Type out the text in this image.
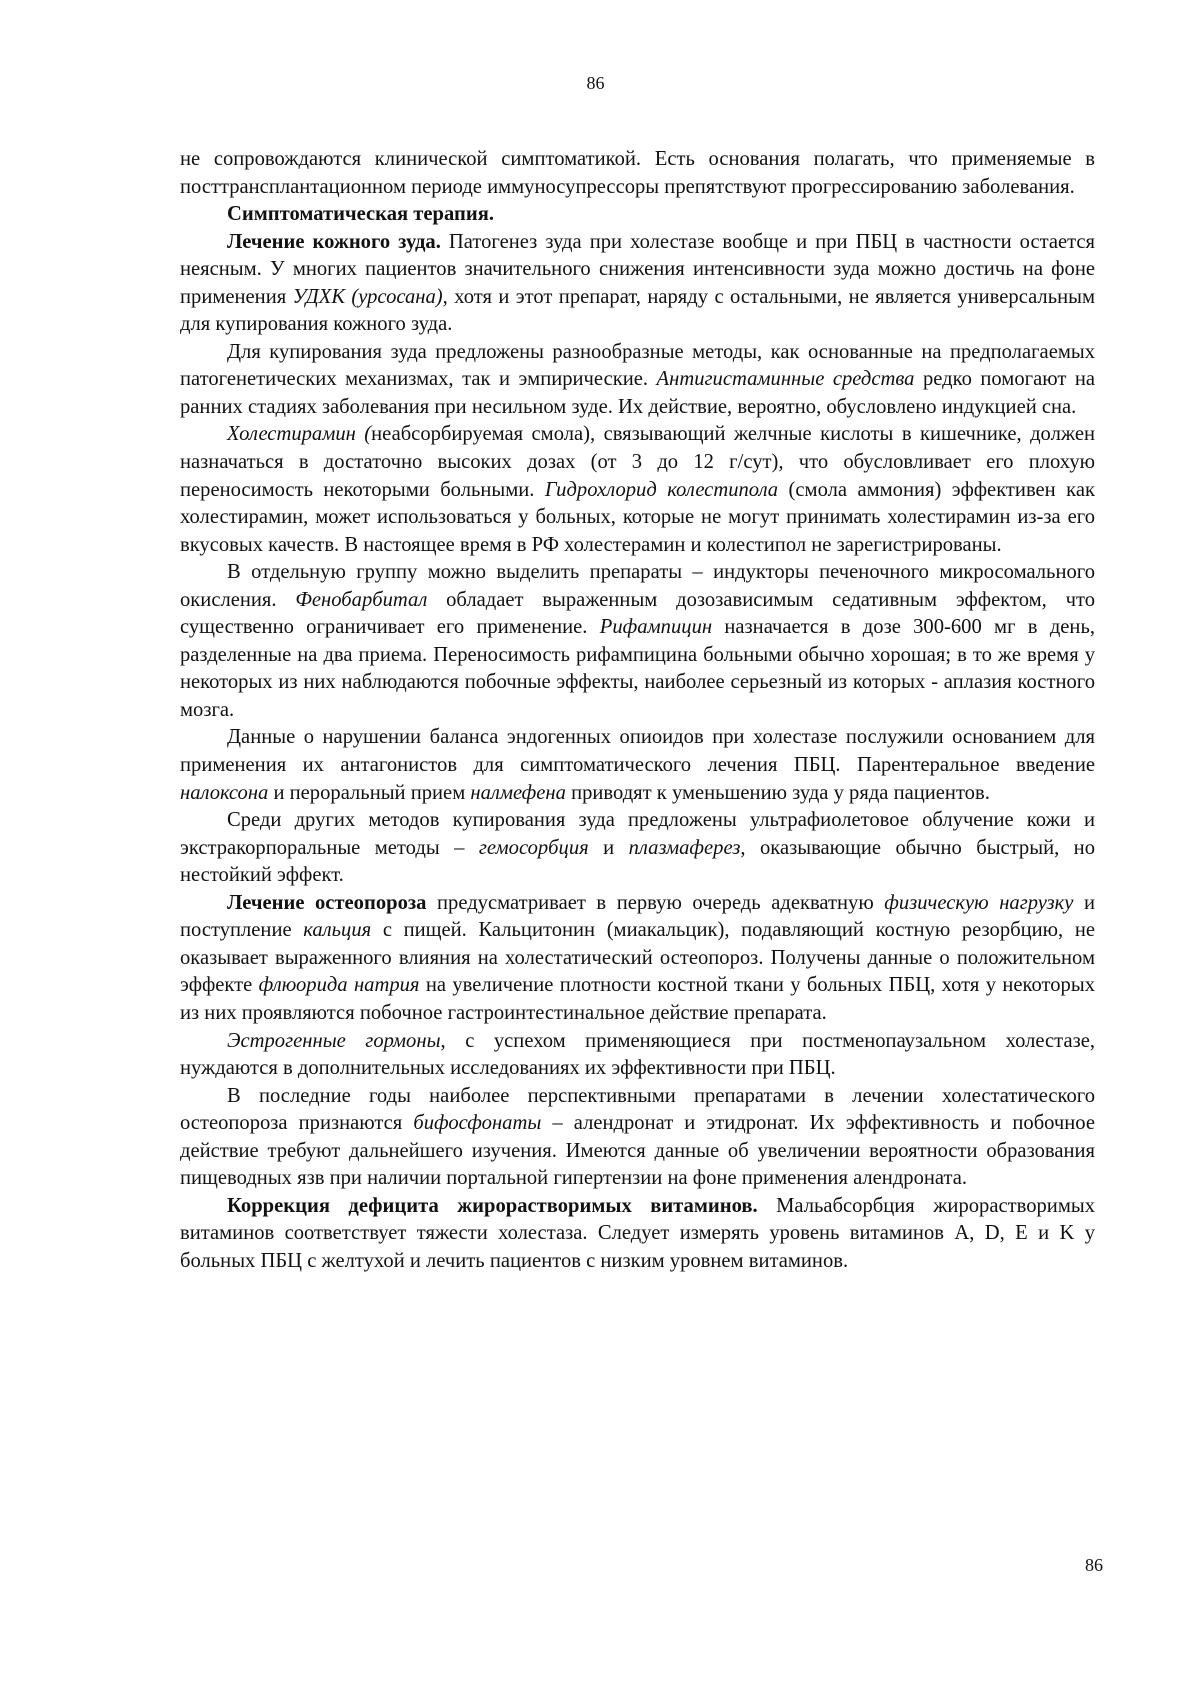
86

не сопровождаются клинической симптоматикой. Есть основания полагать, что применяемые в посттрансплантационном периоде иммуносупрессоры препятствуют прогрессированию заболевания.

Симптоматическая терапия.

Лечение кожного зуда. Патогенез зуда при холестазе вообще и при ПБЦ в частности остается неясным. У многих пациентов значительного снижения интенсивности зуда можно достичь на фоне применения УДХК (урсосана), хотя и этот препарат, наряду с остальными, не является универсальным для купирования кожного зуда.

Для купирования зуда предложены разнообразные методы, как основанные на предполагаемых патогенетических механизмах, так и эмпирические. Антигистаминные средства редко помогают на ранних стадиях заболевания при несильном зуде. Их действие, вероятно, обусловлено индукцией сна.

Холестирамин (неабсорбируемая смола), связывающий желчные кислоты в кишечнике, должен назначаться в достаточно высоких дозах (от 3 до 12 г/сут), что обусловливает его плохую переносимость некоторыми больными. Гидрохлорид колестипола (смола аммония) эффективен как холестирамин, может использоваться у больных, которые не могут принимать холестирамин из-за его вкусовых качеств. В настоящее время в РФ холестерамин и колестипол не зарегистрированы.

В отдельную группу можно выделить препараты – индукторы печеночного микросомального окисления. Фенобарбитал обладает выраженным дозозависимым седативным эффектом, что существенно ограничивает его применение. Рифампицин назначается в дозе 300-600 мг в день, разделенные на два приема. Переносимость рифампицина больными обычно хорошая; в то же время у некоторых из них наблюдаются побочные эффекты, наиболее серьезный из которых - аплазия костного мозга.

Данные о нарушении баланса эндогенных опиоидов при холестазе послужили основанием для применения их антагонистов для симптоматического лечения ПБЦ. Парентеральное введение налоксона и пероральный прием налмефена приводят к уменьшению зуда у ряда пациентов.

Среди других методов купирования зуда предложены ультрафиолетовое облучение кожи и экстракорпоральные методы – гемосорбция и плазмаферез, оказывающие обычно быстрый, но нестойкий эффект.

Лечение остеопороза предусматривает в первую очередь адекватную физическую нагрузку и поступление кальция с пищей. Кальцитонин (миакальцик), подавляющий костную резорбцию, не оказывает выраженного влияния на холестатический остеопороз. Получены данные о положительном эффекте флюорида натрия на увеличение плотности костной ткани у больных ПБЦ, хотя у некоторых из них проявляются побочное гастроинтестинальное действие препарата.

Эстрогенные гормоны, с успехом применяющиеся при постменопаузальном холестазе, нуждаются в дополнительных исследованиях их эффективности при ПБЦ.

В последние годы наиболее перспективными препаратами в лечении холестатического остеопороза признаются бифосфонаты – алендронат и этидронат. Их эффективность и побочное действие требуют дальнейшего изучения. Имеются данные об увеличении вероятности образования пищеводных язв при наличии портальной гипертензии на фоне применения алендроната.

Коррекция дефицита жирорастворимых витаминов. Мальабсорбция жирорастворимых витаминов соответствует тяжести холестаза. Следует измерять уровень витаминов A, D, E и K у больных ПБЦ с желтухой и лечить пациентов с низким уровнем витаминов.

86
